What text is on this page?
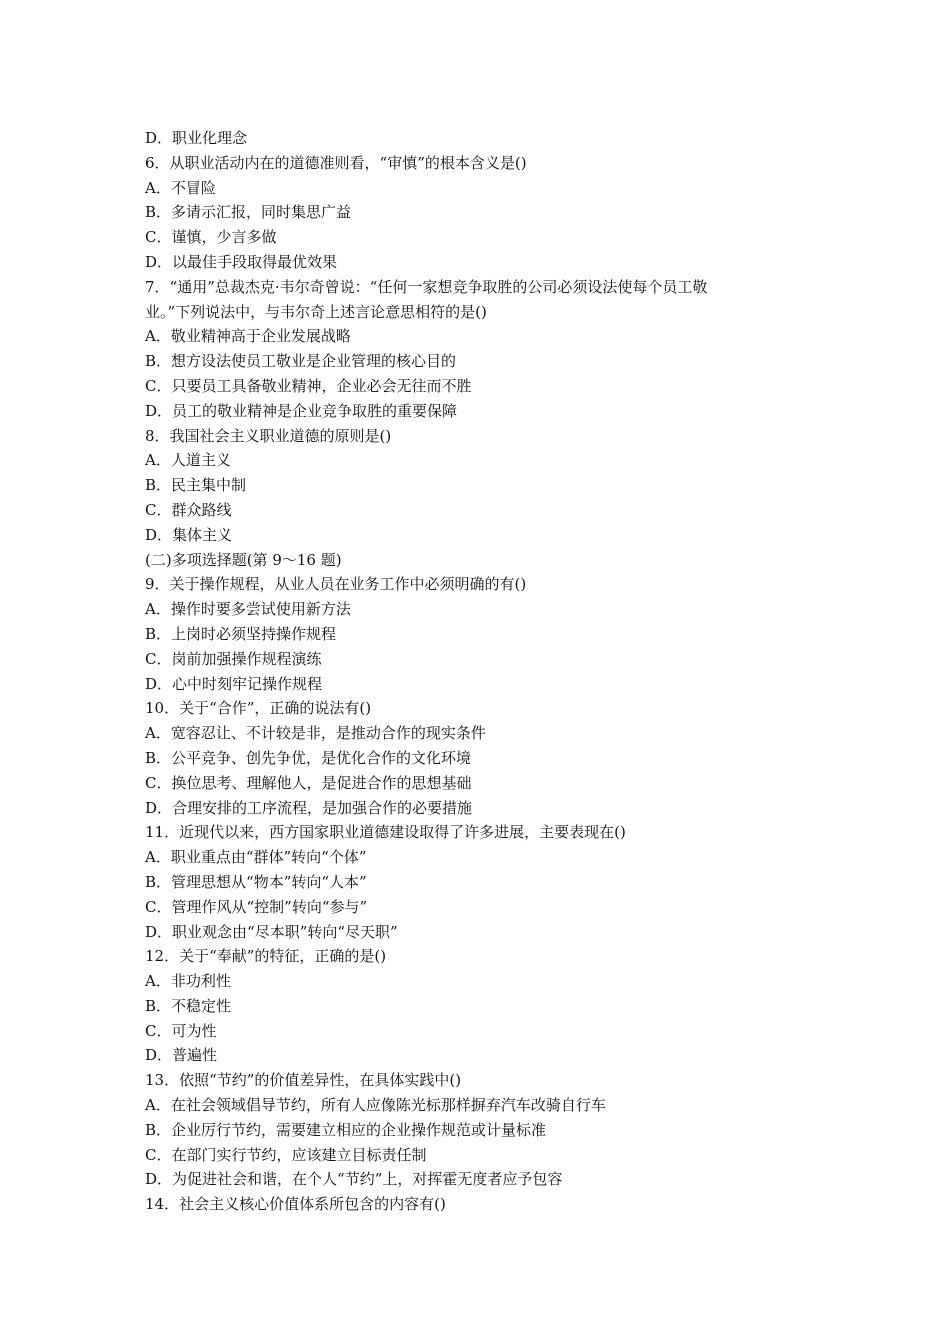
D．职业化理念
6．从职业活动内在的道德准则看，“审慎”的根本含义是()
A．不冒险
B．多请示汇报，同时集思广益
C．谨慎，少言多做
D．以最佳手段取得最优效果
7．“通用”总裁杰克·韦尔奇曾说：“任何一家想竞争取胜的公司必须设法使每个员工敬
业。”下列说法中，与韦尔奇上述言论意思相符的是()
A．敬业精神高于企业发展战略
B．想方设法使员工敬业是企业管理的核心目的
C．只要员工具备敬业精神，企业必会无往而不胜
D．员工的敬业精神是企业竞争取胜的重要保障
8．我国社会主义职业道德的原则是()
A．人道主义
B．民主集中制
C．群众路线
D．集体主义
(二)多项选择题(第 9～16 题)
9．关于操作规程，从业人员在业务工作中必须明确的有()
A．操作时要多尝试使用新方法
B．上岗时必须坚持操作规程
C．岗前加强操作规程演练
D．心中时刻牢记操作规程
10．关于“合作”，正确的说法有()
A．宽容忍让、不计较是非，是推动合作的现实条件
B．公平竞争、创先争优，是优化合作的文化环境
C．换位思考、理解他人，是促进合作的思想基础
D．合理安排的工序流程，是加强合作的必要措施
11．近现代以来，西方国家职业道德建设取得了许多进展，主要表现在()
A．职业重点由“群体”转向“个体”
B．管理思想从“物本”转向“人本”
C．管理作风从“控制”转向“参与”
D．职业观念由“尽本职”转向“尽天职”
12．关于“奉献”的特征，正确的是()
A．非功利性
B．不稳定性
C．可为性
D．普遍性
13．依照“节约”的价值差异性，在具体实践中()
A．在社会领域倡导节约，所有人应像陈光标那样摒弃汽车改骑自行车
B．企业厉行节约，需要建立相应的企业操作规范或计量标准
C．在部门实行节约，应该建立目标责任制
D．为促进社会和谐，在个人“节约”上，对挥霍无度者应予包容
14．社会主义核心价值体系所包含的内容有()
